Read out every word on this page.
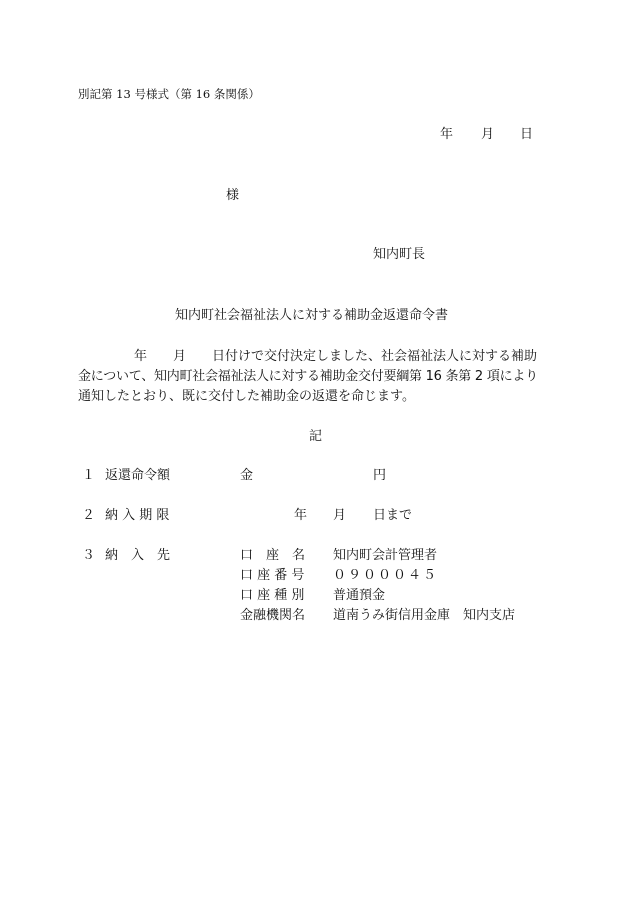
別記第 13 号様式（第 16 条関係）
年 月 日
様
知内町長
知内町社会福祉法人に対する補助金返還命令書
年 月 日付けで交付決定しました、社会福祉法人に対する補助
金について、知内町社会福祉法人に対する補助金交付要綱第 16 条第 2 項により
通知したとおり、既に交付した補助金の返還を命じます。
記
１ 返還命令額	金	円
２ 納 入 期 限	年 月 日まで
３ 納　入　先	口　座　名 知内町会計管理者
口 座 番 号 ０９０００４５
口 座 種 別 普通預金
金融機関名 道南うみ街信用金庫　知内支店
